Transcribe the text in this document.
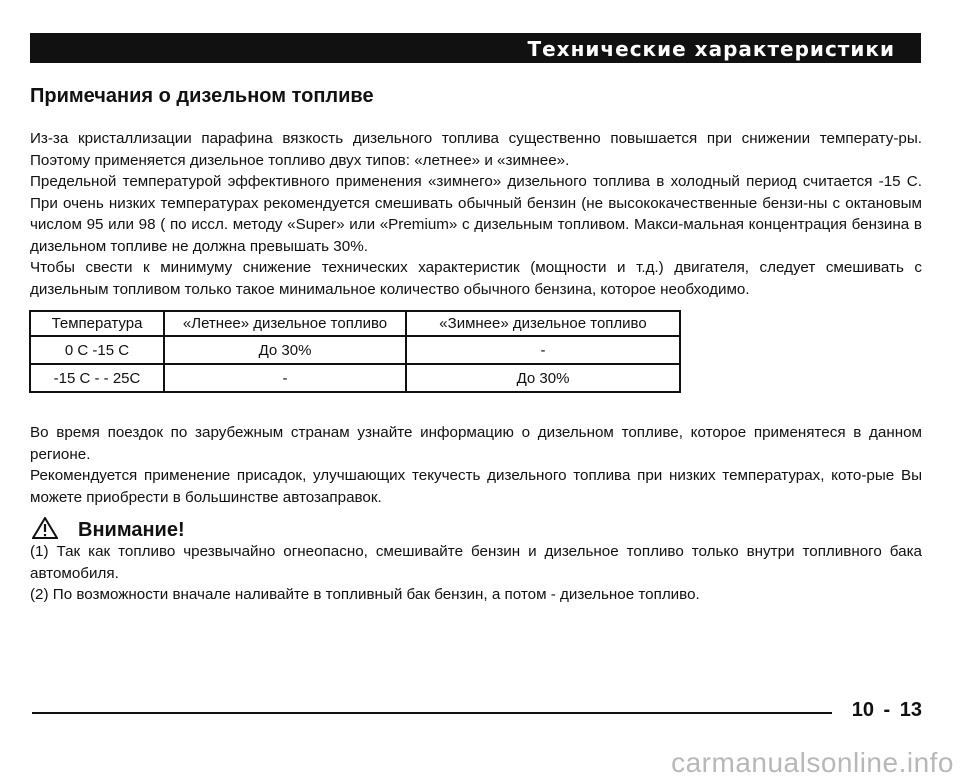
Технические характеристики
Примечания о дизельном топливе

Из-за кристаллизации парафина вязкость дизельного топлива существенно повышается при снижении температу-ры. Поэтому применяется дизельное топливо двух типов: «летнее» и «зимнее».

Предельной температурой эффективного применения «зимнего» дизельного топлива в холодный период считается -15 С. При очень низких температурах рекомендуется смешивать обычный бензин (не высококачественные бензи-ны с октановым числом 95 или 98 ( по иссл. методу «Super» или «Premium» с дизельным топливом. Макси-мальная концентрация бензина в дизельном топливе не должна превышать 30%.

Чтобы свести к минимуму снижение технических характеристик (мощности и т.д.) двигателя, следует смешивать с дизельным топливом только такое минимальное количество обычного бензина, которое необходимо.

Температура	«Летнее» дизельное топливо	«Зимнее» дизельное топливо
0 С -15 С	До 30%	-
-15 С - - 25С	-	До 30%

Во время поездок по зарубежным странам узнайте информацию о дизельном топливе, которое применятеся в данном регионе.

Рекомендуется применение присадок, улучшающих текучесть дизельного топлива при низких температурах, кото-рые Вы можете приобрести в большинстве автозаправок.

Внимание!

(1) Так как топливо чрезвычайно огнеопасно, смешивайте бензин и дизельное топливо только внутри топливного бака автомобиля.

(2) По возможности вначале наливайте в топливный бак бензин, а потом - дизельное топливо.

10 - 13
carmanualsonline.info
